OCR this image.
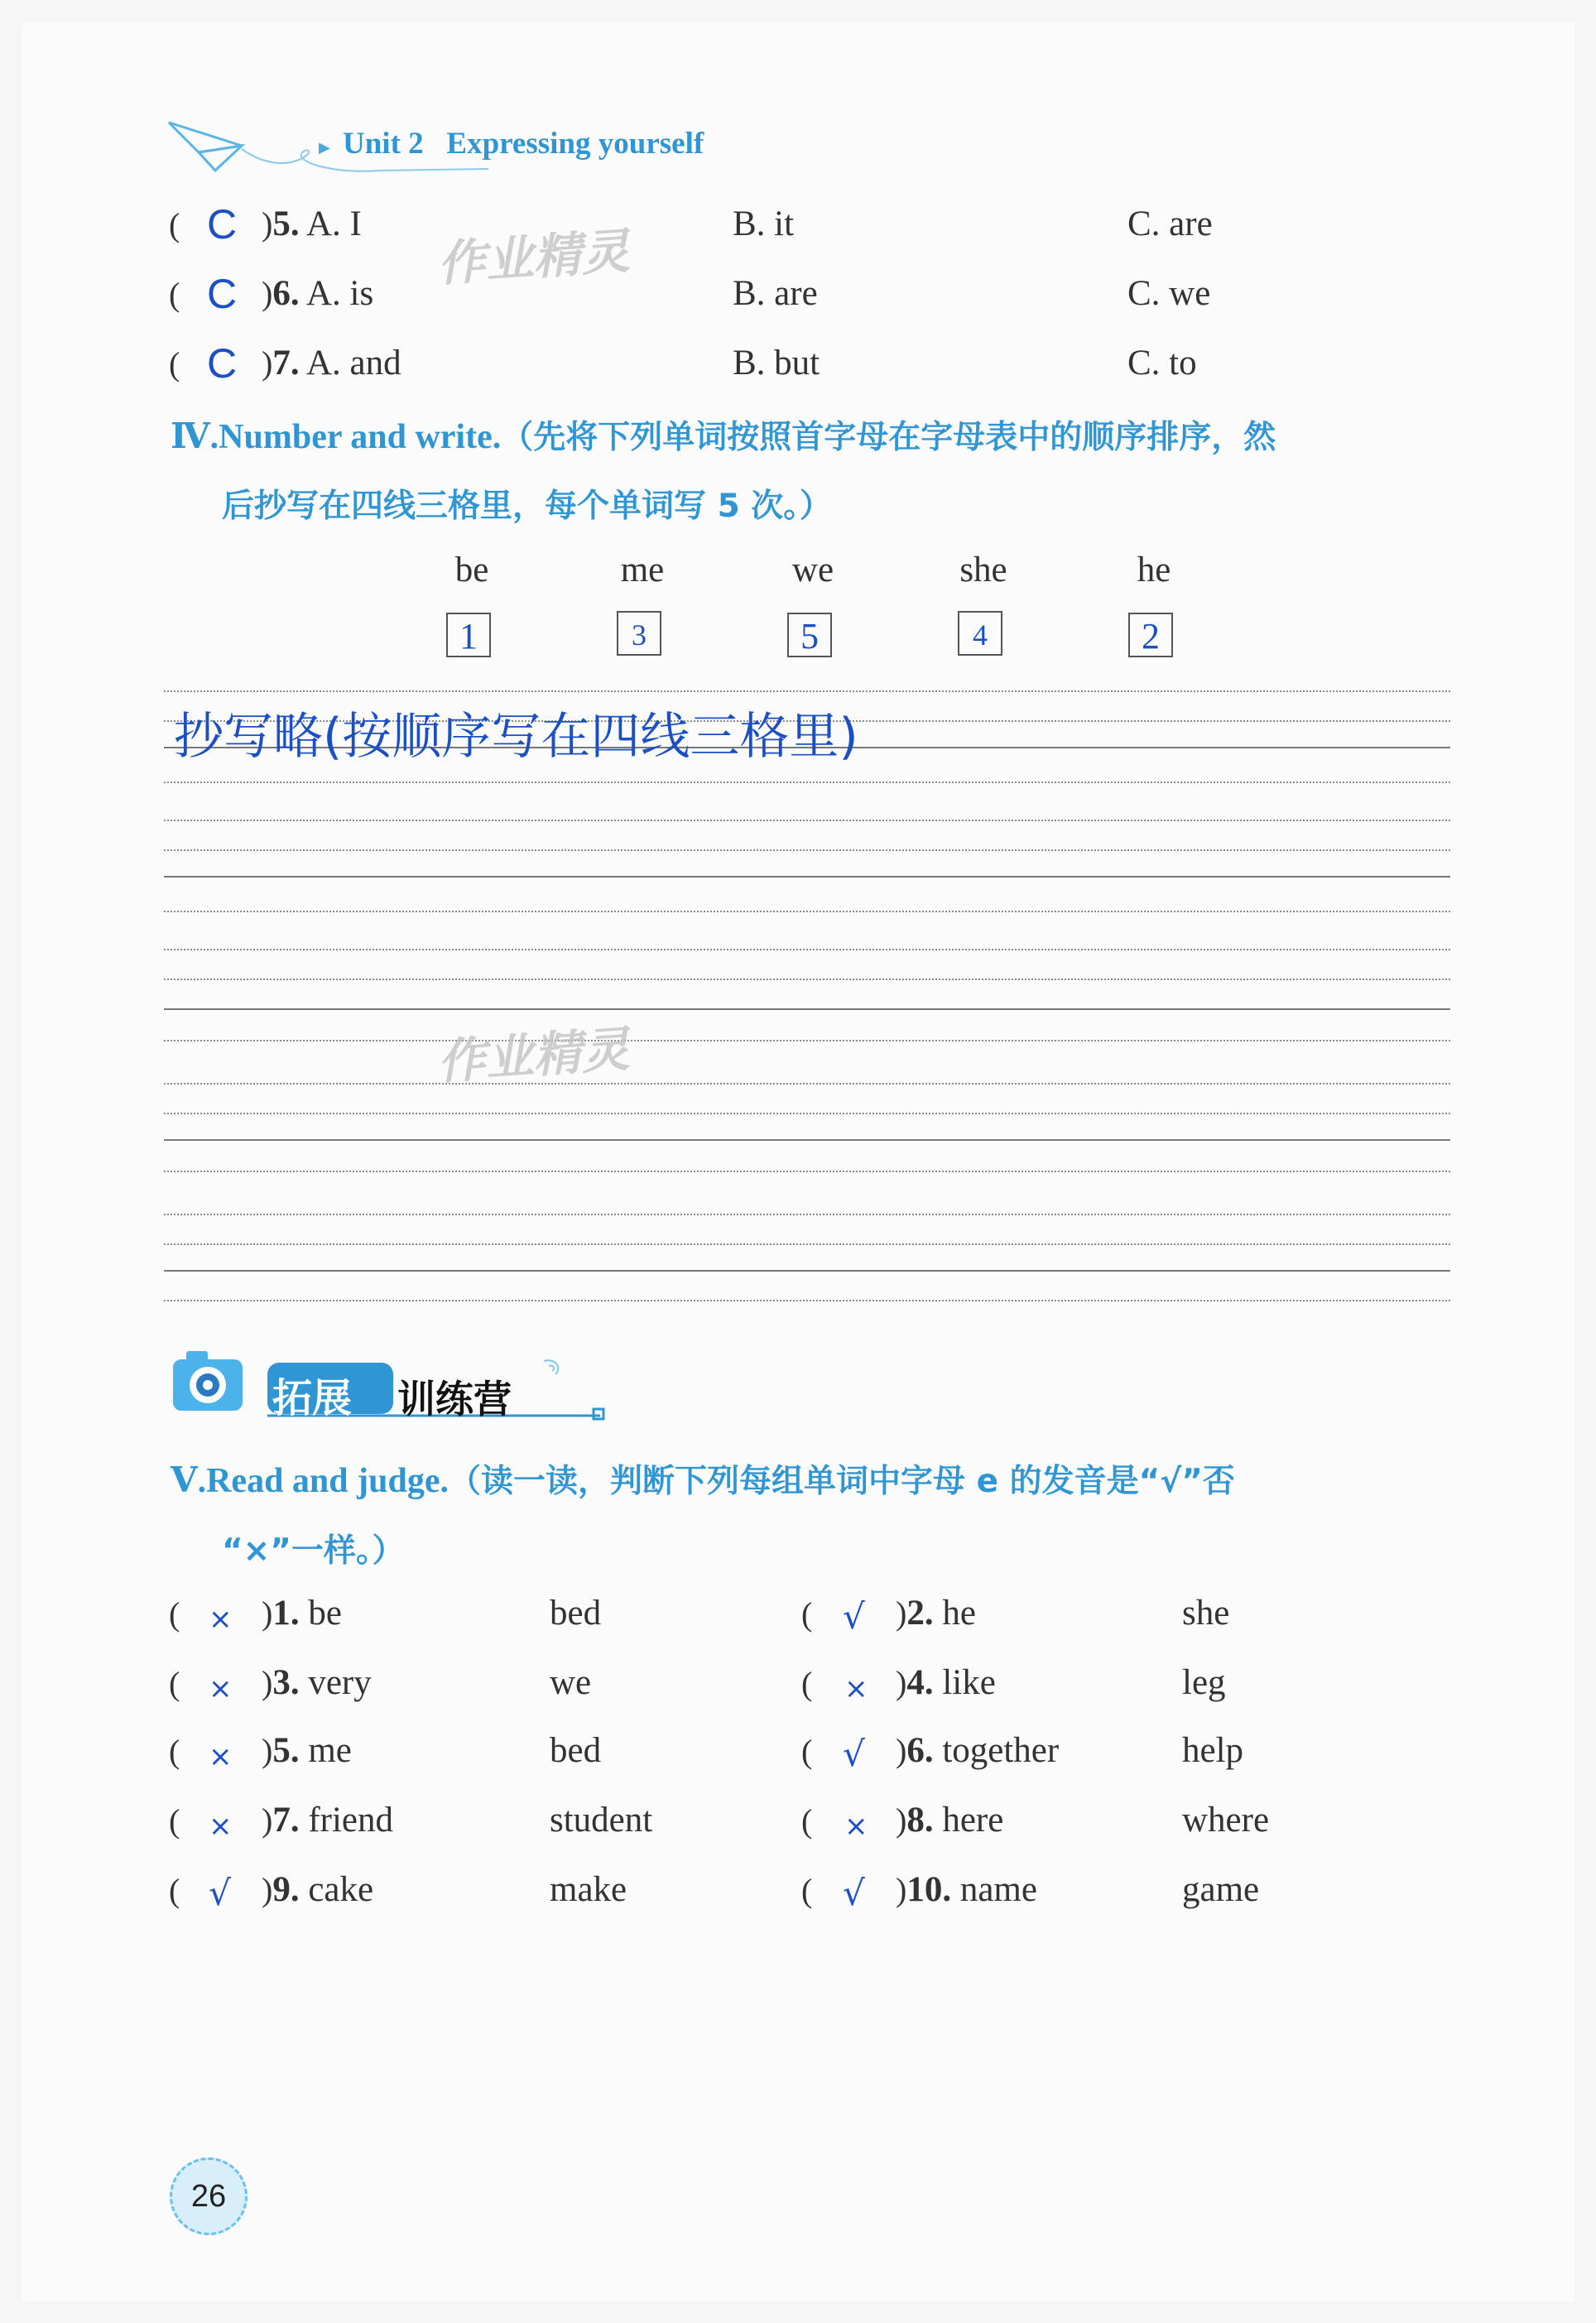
▶ Unit 2 Expressing yourself
( C )5. A. I	B. it	C. are
( C )6. A. is	B. are	C. we
( C )7. A. and	B. but	C. to
作业精灵
Ⅳ.Number and write.（先将下列单词按照首字母在字母表中的顺序排序，然
后抄写在四线三格里，每个单词写 5 次。）
be	me	we	she	he
1	3	5	4	2
抄写略(按顺序写在四线三格里)
作业精灵
拓展 训练营
Ⅴ.Read and judge.（读一读，判断下列每组单词中字母 e 的发音是“√”否
“×”一样。）
( × )1. be	bed
( × )3. very	we
( × )5. me	bed
( × )7. friend	student
( √ )9. cake	make
( √ )2. he	she
( × )4. like	leg
( √ )6. together	help
( × )8. here	where
( √ )10. name	game
26
